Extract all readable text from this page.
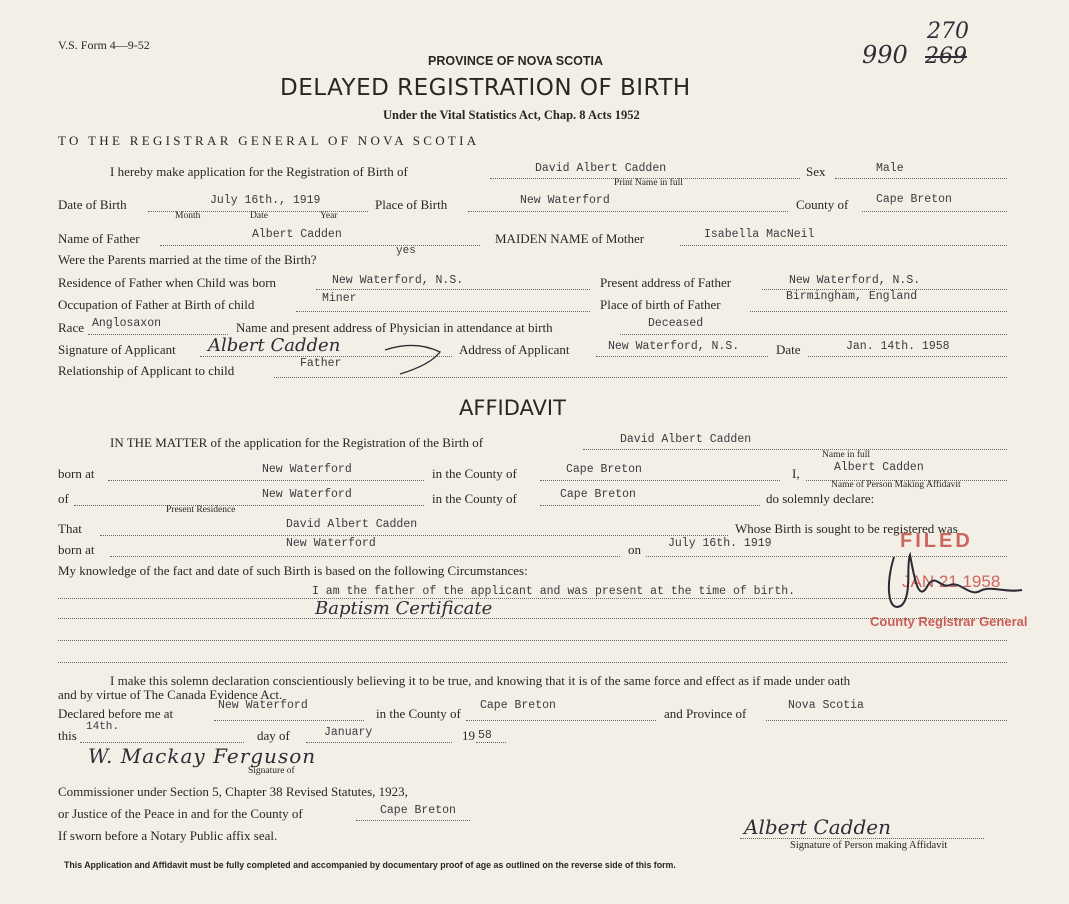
V.S. Form 4—9-52
PROVINCE OF NOVA SCOTIA
DELAYED REGISTRATION OF BIRTH
Under the Vital Statistics Act, Chap. 8 Acts 1952
TO THE REGISTRAR GENERAL OF NOVA SCOTIA
270
990 269
I hereby make application for the Registration of Birth of	David Albert Cadden
Print Name in full
Sex	Male
Date of Birth	July 16th., 1919
Month	Date	Year
Place of Birth	New Waterford	County of Cape Breton
Name of Father	Albert Cadden	MAIDEN NAME of Mother	Isabella MacNeil
Were the Parents married at the time of the Birth?
yes
Residence of Father when Child was born	New Waterford, N.S.	Present address of Father	New Waterford, N.S.
Occupation of Father at Birth of child	Miner	Place of birth of Father
Birmingham, England
Race Anglosaxon	Name and present address of Physician in attendance at birth	Deceased
Signature of Applicant Albert Cadden	Address of Applicant	New Waterford, N.S.	Date	Jan. 14th. 1958
Relationship of Applicant to child	Father
AFFIDAVIT
IN THE MATTER of the application for the Registration of the Birth of	David Albert Cadden
Name in full
born at	New Waterford	in the County of	Cape Breton	I,	Albert Cadden
Name of Person Making Affidavit
of	New Waterford
Present Residence
in the County of	Cape Breton	do solemnly declare:
That	David Albert Cadden	Whose Birth is sought to be registered was
born at	New Waterford	on July 16th. 1919
My knowledge of the fact and date of such Birth is based on the following Circumstances:
I am the father of the applicant and was present at the time of birth.
Baptism Certificate
I make this solemn declaration conscientiously believing it to be true, and knowing that it is of the same force and effect as if made under oath
and by virtue of The Canada Evidence Act.
Declared before me at
New Waterford
in the County of
Cape Breton
and Province of
Nova Scotia
this
14th.
day of	January	19 58
W. Mackay Ferguson
Signature of
Commissioner under Section 5, Chapter 38 Revised Statutes, 1923,
or Justice of the Peace in and for the County of	Cape Breton
If sworn before a Notary Public affix seal.	Albert Cadden
Signature of Person making Affidavit
This Application and Affidavit must be fully completed and accompanied by documentary proof of age as outlined on the reverse side of this form.
FILED
JAN 21 1958
County Registrar General
